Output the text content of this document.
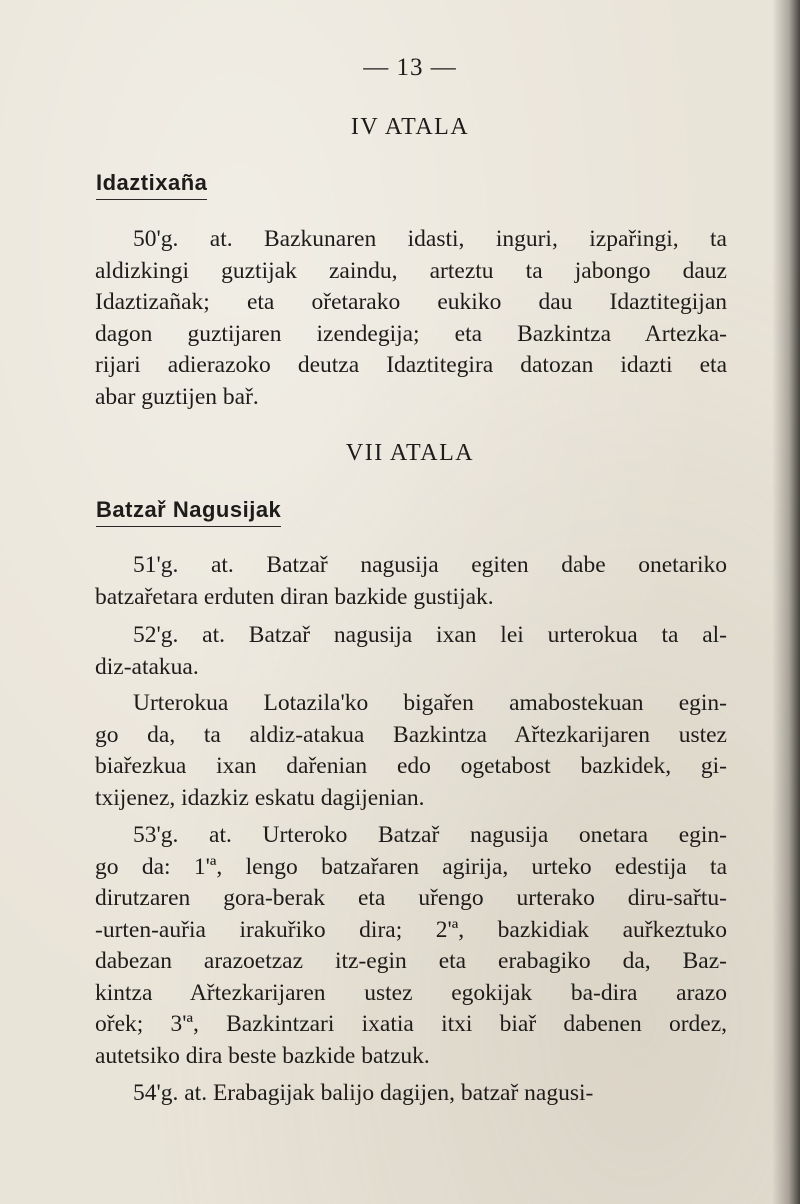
— 13 —
IV ATALA
Idaztixaña

50'g. at. Bazkunaren idasti, inguri, izpařingi, ta
aldizkingi guztijak zaindu, arteztu ta jabongo dauz
Idaztizañak; eta ořetarako eukiko dau Idaztitegijan
dagon guztijaren izendegija; eta Bazkintza Artezka-
rijari adierazoko deutza Idaztitegira datozan idazti eta
abar guztijen bař.

VII ATALA
Batzař Nagusijak

51'g. at. Batzař nagusija egiten dabe onetariko
batzařetara erduten diran bazkide gustijak.

52'g. at. Batzař nagusija ixan lei urterokua ta al-
diz-atakua.

Urterokua Lotazila'ko bigařen amabostekuan egin-
go da, ta aldiz-atakua Bazkintza Ařtezkarijaren ustez
biařezkua ixan dařenian edo ogetabost bazkidek, gi-
txijenez, idazkiz eskatu dagijenian.

53'g. at. Urteroko Batzař nagusija onetara egin-
go da: 1'ª, lengo batzařaren agirija, urteko edestija ta
dirutzaren gora-berak eta uřengo urterako diru-sařtu-
-urten-auřia irakuřiko dira; 2'ª, bazkidiak auřkeztuko
dabezan arazoetzaz itz-egin eta erabagiko da, Baz-
kintza Ařtezkarijaren ustez egokijak ba-dira arazo
ořek; 3'ª, Bazkintzari ixatia itxi biař dabenen ordez,
autetsiko dira beste bazkide batzuk.

54'g. at. Erabagijak balijo dagijen, batzař nagusi-
